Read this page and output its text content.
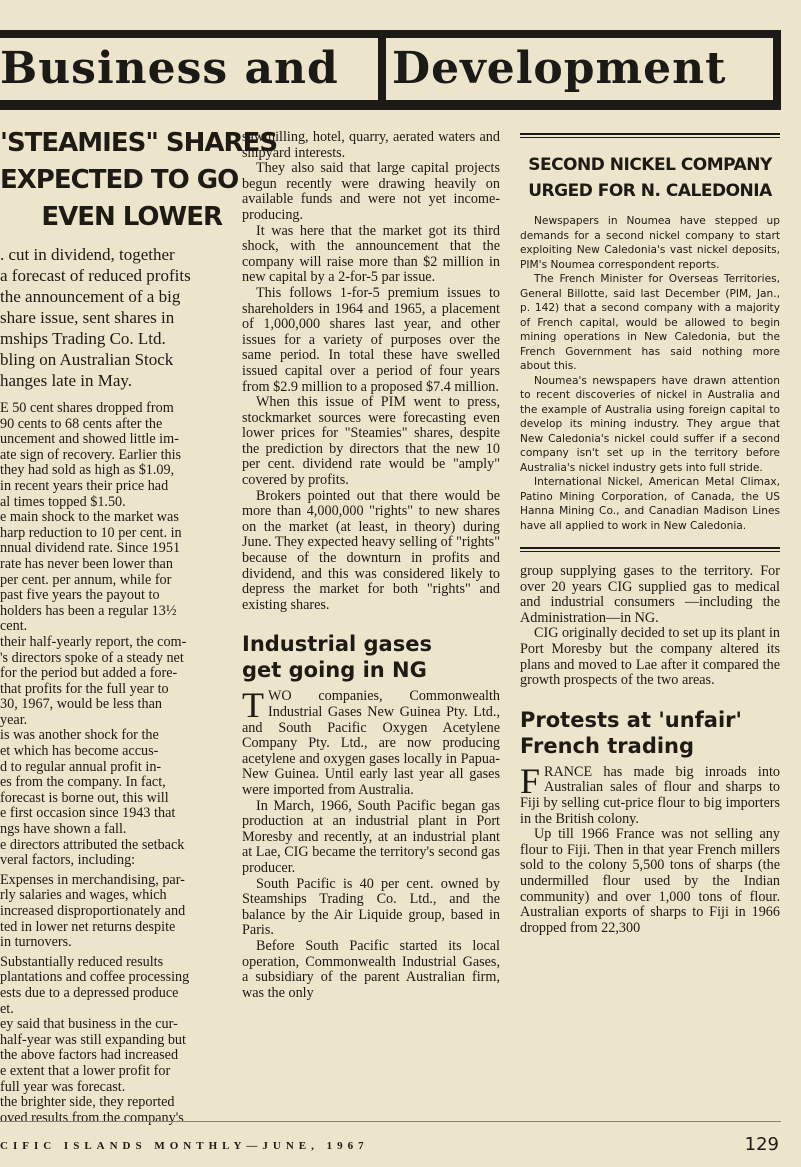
Business and	Development
'STEAMIES" SHARES
EXPECTED TO GO
EVEN LOWER
. cut in dividend, together
a forecast of reduced profits
the announcement of a big
share issue, sent shares in
mships Trading Co. Ltd.
bling on Australian Stock
hanges late in May.
E 50 cent shares dropped from
90 cents to 68 cents after the
uncement and showed little im-
ate sign of recovery. Earlier this
they had sold as high as $1.09,
in recent years their price had
al times topped $1.50.
e main shock to the market was
harp reduction to 10 per cent. in
nnual dividend rate. Since 1951
rate has never been lower than
per cent. per annum, while for
past five years the payout to
holders has been a regular 13½
cent.
their half-yearly report, the com-
's directors spoke of a steady net
for the period but added a fore-
that profits for the full year to
30, 1967, would be less than
year.
is was another shock for the
et which has become accus-
d to regular annual profit in-
es from the company. In fact,
forecast is borne out, this will
e first occasion since 1943 that
ngs have shown a fall.
e directors attributed the setback
veral factors, including:
Expenses in merchandising, par-
rly salaries and wages, which
increased disproportionately and
ted in lower net returns despite
in turnovers.
Substantially reduced results
plantations and coffee processing
ests due to a depressed produce
et.
ey said that business in the cur-
half-year was still expanding but
the above factors had increased
e extent that a lower profit for
full year was forecast.
the brighter side, they reported
oved results from the company's

sawmilling, hotel, quarry, aerated waters and shipyard interests.

They also said that large capital projects begun recently were drawing heavily on available funds and were not yet income-producing.

It was here that the market got its third shock, with the announcement that the company will raise more than $2 million in new capital by a 2-for-5 par issue.

This follows 1-for-5 premium issues to shareholders in 1964 and 1965, a placement of 1,000,000 shares last year, and other issues for a variety of purposes over the same period. In total these have swelled issued capital over a period of four years from $2.9 million to a proposed $7.4 million.

When this issue of PIM went to press, stockmarket sources were forecasting even lower prices for "Steamies" shares, despite the prediction by directors that the new 10 per cent. dividend rate would be "amply" covered by profits.

Brokers pointed out that there would be more than 4,000,000 "rights" to new shares on the market (at least, in theory) during June. They expected heavy selling of "rights" because of the downturn in profits and dividend, and this was considered likely to depress the market for both "rights" and existing shares.

Industrial gases
get going in NG

TWO companies, Commonwealth Industrial Gases New Guinea Pty. Ltd., and South Pacific Oxygen Acetylene Company Pty. Ltd., are now producing acetylene and oxygen gases locally in Papua-New Guinea. Until early last year all gases were imported from Australia.

In March, 1966, South Pacific began gas production at an industrial plant in Port Moresby and recently, at an industrial plant at Lae, CIG became the territory's second gas producer.

South Pacific is 40 per cent. owned by Steamships Trading Co. Ltd., and the balance by the Air Liquide group, based in Paris.

Before South Pacific started its local operation, Commonwealth Industrial Gases, a subsidiary of the parent Australian firm, was the only

SECOND NICKEL COMPANY
URGED FOR N. CALEDONIA

Newspapers in Noumea have stepped up demands for a second nickel company to start exploiting New Caledonia's vast nickel deposits, PIM's Noumea correspondent reports.

The French Minister for Overseas Territories, General Billotte, said last December (PIM, Jan., p. 142) that a second company with a majority of French capital, would be allowed to begin mining operations in New Caledonia, but the French Government has said nothing more about this.

Noumea's newspapers have drawn attention to recent discoveries of nickel in Australia and the example of Australia using foreign capital to develop its mining industry. They argue that New Caledonia's nickel could suffer if a second company isn't set up in the territory before Australia's nickel industry gets into full stride.

International Nickel, American Metal Climax, Patino Mining Corporation, of Canada, the US Hanna Mining Co., and Canadian Madison Lines have all applied to work in New Caledonia.

group supplying gases to the territory. For over 20 years CIG supplied gas to medical and industrial consumers —including the Administration—in NG.

CIG originally decided to set up its plant in Port Moresby but the company altered its plans and moved to Lae after it compared the growth prospects of the two areas.

Protests at 'unfair'
French trading

FRANCE has made big inroads into Australian sales of flour and sharps to Fiji by selling cut-price flour to big importers in the British colony.

Up till 1966 France was not selling any flour to Fiji. Then in that year French millers sold to the colony 5,500 tons of sharps (the undermilled flour used by the Indian community) and over 1,000 tons of flour. Australian exports of sharps to Fiji in 1966 dropped from 22,300

CIFIC ISLANDS MONTHLY—JUNE, 1967	129
